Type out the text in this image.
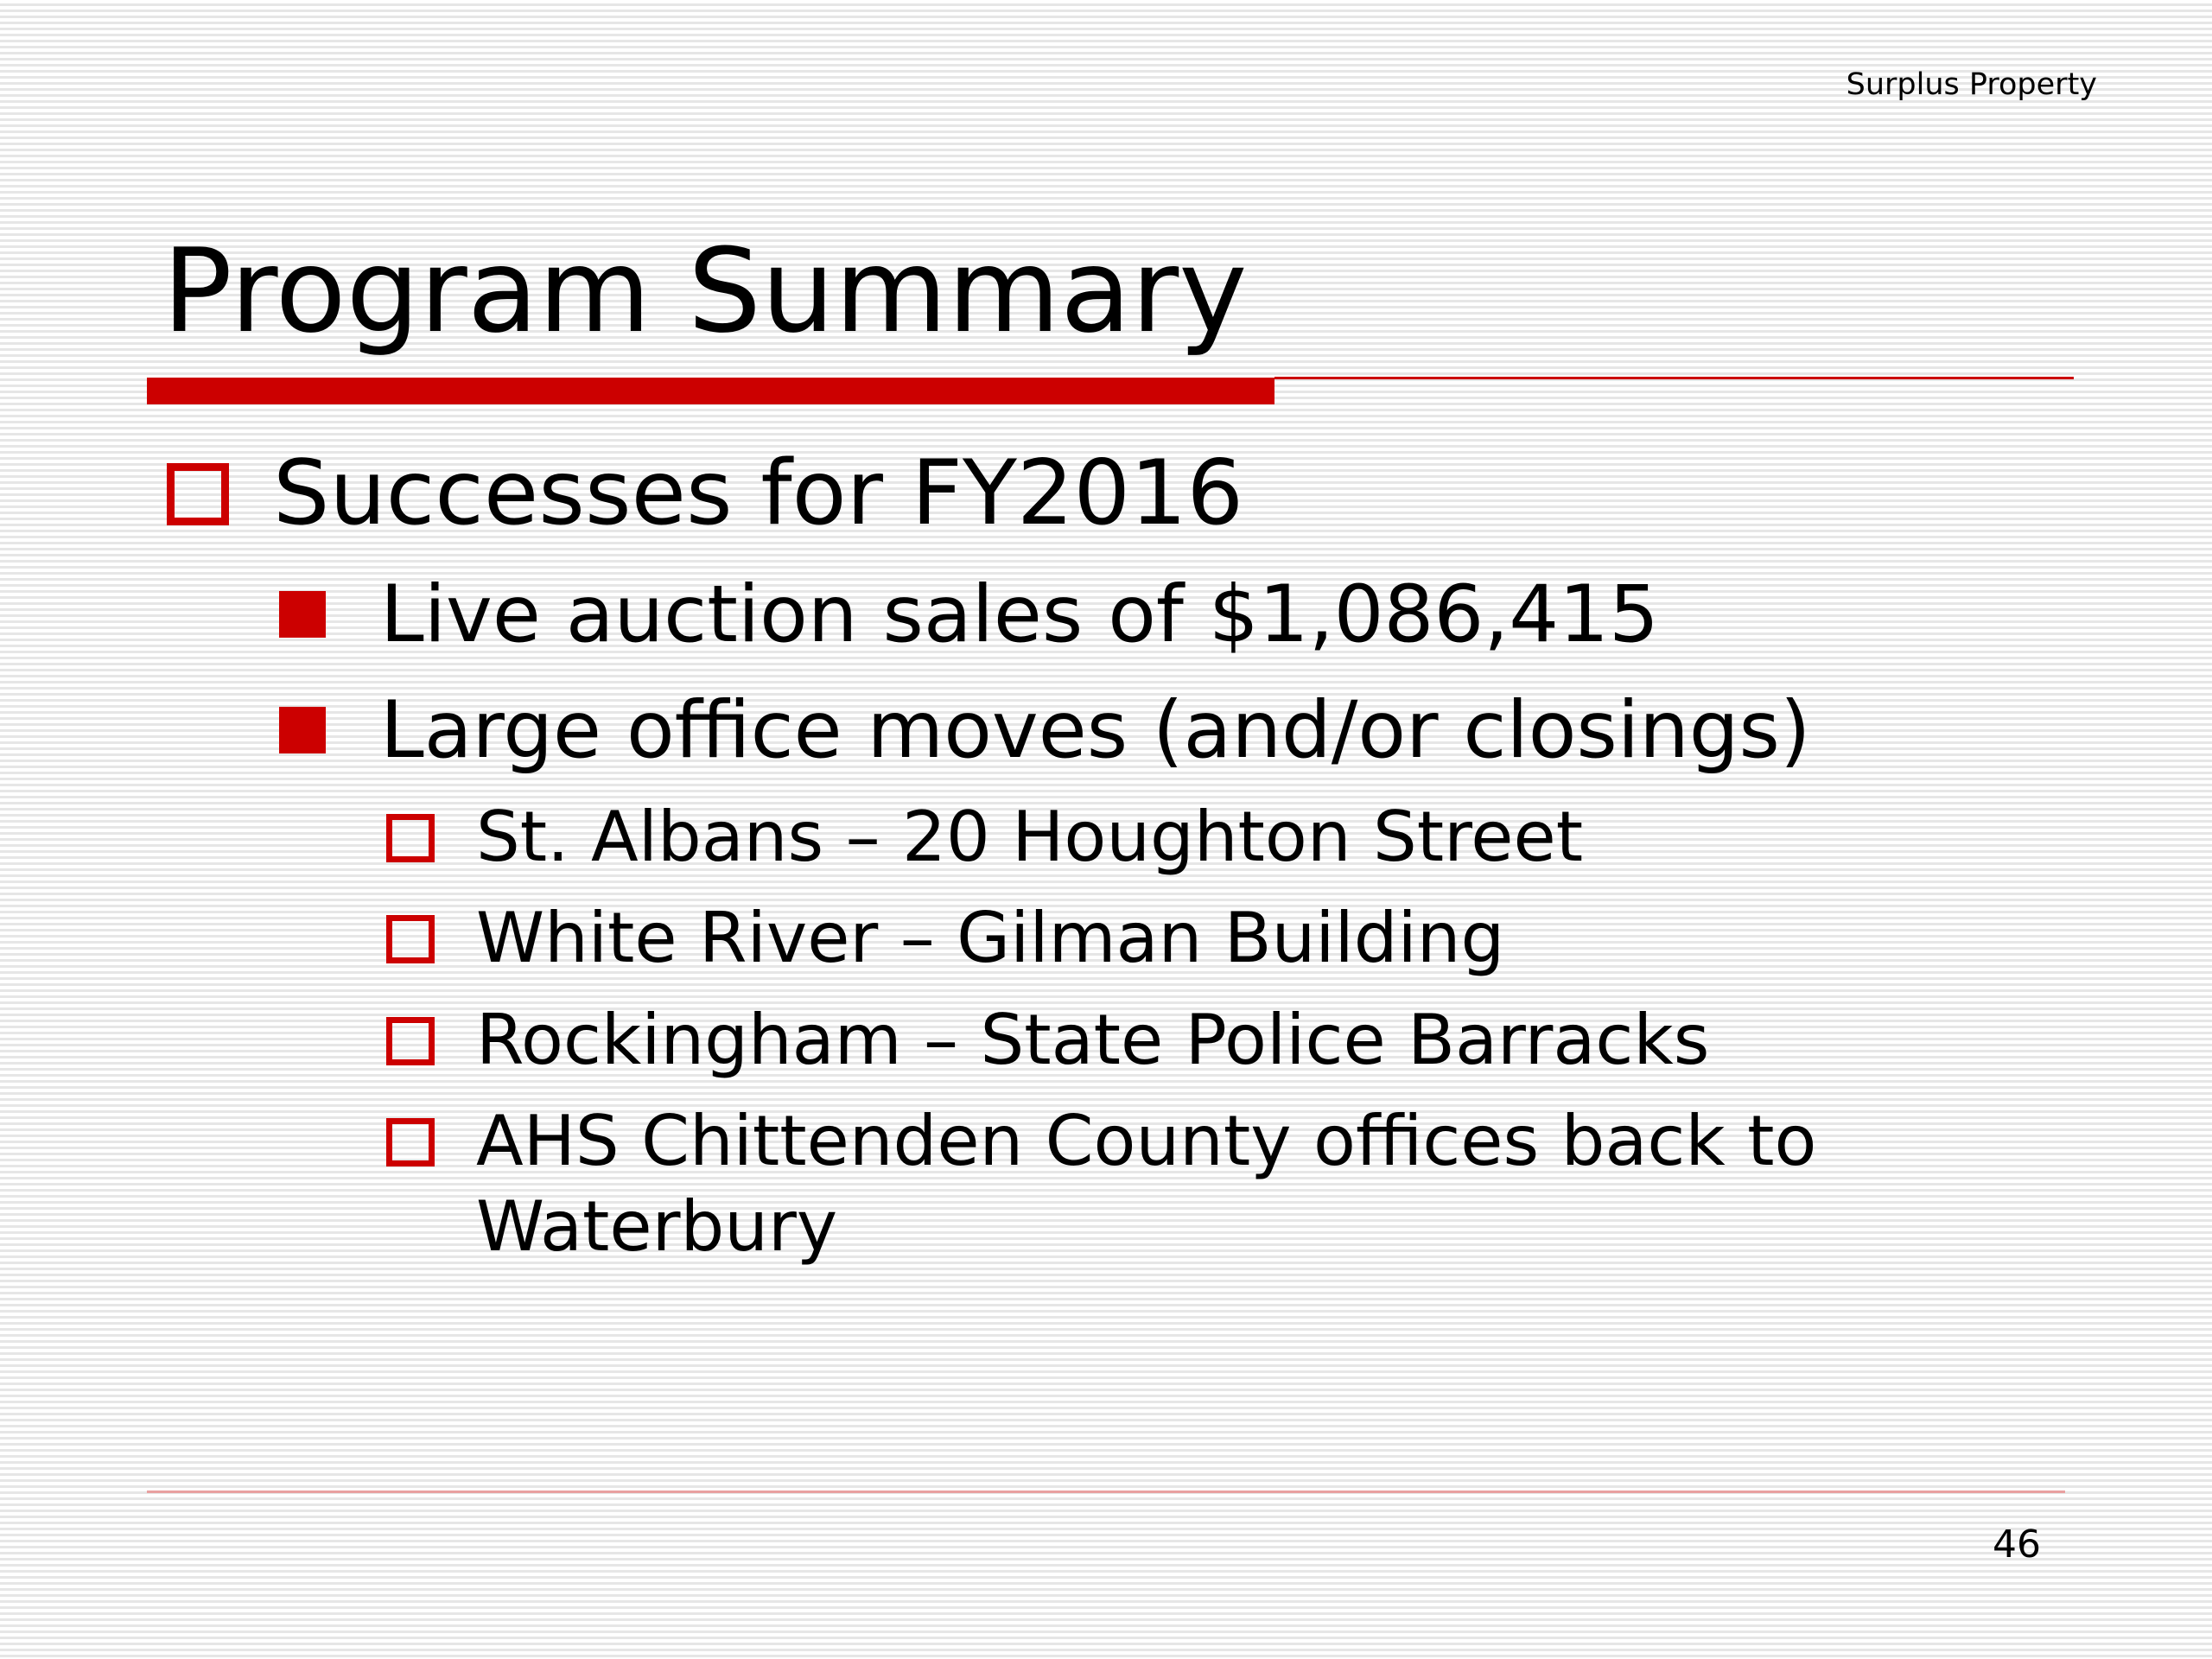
Surplus Property
Program Summary
Successes for FY2016
Live auction sales of $1,086,415
Large office moves (and/or closings)
St. Albans – 20 Houghton Street
White River – Gilman Building
Rockingham – State Police Barracks
AHS Chittenden County offices back to
Waterbury
46
